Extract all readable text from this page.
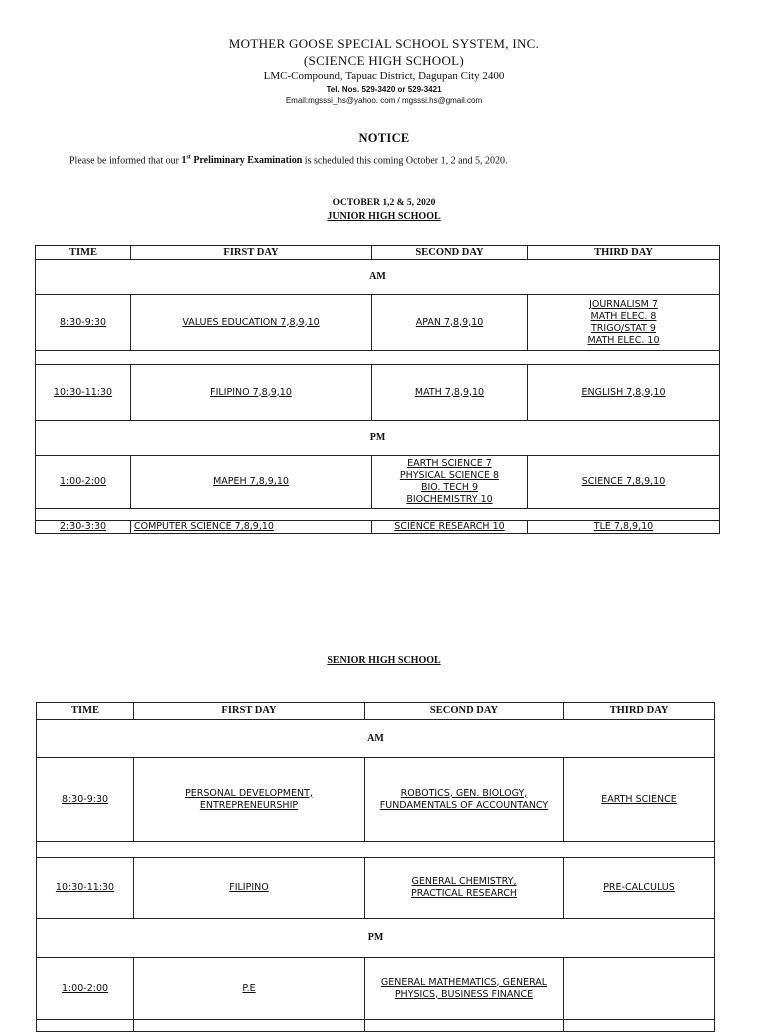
MOTHER GOOSE SPECIAL SCHOOL SYSTEM, INC.
(SCIENCE HIGH SCHOOL)
LMC-Compound, Tapuac District, Dagupan City 2400
Tel. Nos. 529-3420 or 529-3421
Email:mgsssi_hs@yahoo. com / mgsssi.hs@gmail.com
NOTICE
Please be informed that our 1st Preliminary Examination is scheduled this coming October 1, 2 and 5, 2020.
OCTOBER 1,2 & 5, 2020
JUNIOR HIGH SCHOOL
TIME	FIRST DAY	SECOND DAY	THIRD DAY
AM			
8:30-9:30	VALUES EDUCATION 7,8,9,10	APAN 7,8,9,10	JOURNALISM 7
MATH ELEC. 8
TRIGO/STAT 9
MATH ELEC. 10

10:30-11:30	FILIPINO 7,8,9,10	MATH 7,8,9,10	ENGLISH 7,8,9,10
PM			
1:00-2:00	MAPEH 7,8,9,10	EARTH SCIENCE 7
PHYSICAL SCIENCE 8
BIO. TECH 9
BIOCHEMISTRY 10	SCIENCE 7,8,9,10

2:30-3:30	COMPUTER SCIENCE 7,8,9,10	SCIENCE RESEARCH 10	TLE 7,8,9,10
SENIOR HIGH SCHOOL
TIME	FIRST DAY	SECOND DAY	THIRD DAY
AM			
8:30-9:30	PERSONAL DEVELOPMENT, ENTREPRENEURSHIP	ROBOTICS, GEN. BIOLOGY, FUNDAMENTALS OF ACCOUNTANCY	EARTH SCIENCE

10:30-11:30	FILIPINO	GENERAL CHEMISTRY, PRACTICAL RESEARCH	PRE-CALCULUS
PM			
1:00-2:00	P.E	GENERAL MATHEMATICS, GENERAL PHYSICS, BUSINESS FINANCE	
